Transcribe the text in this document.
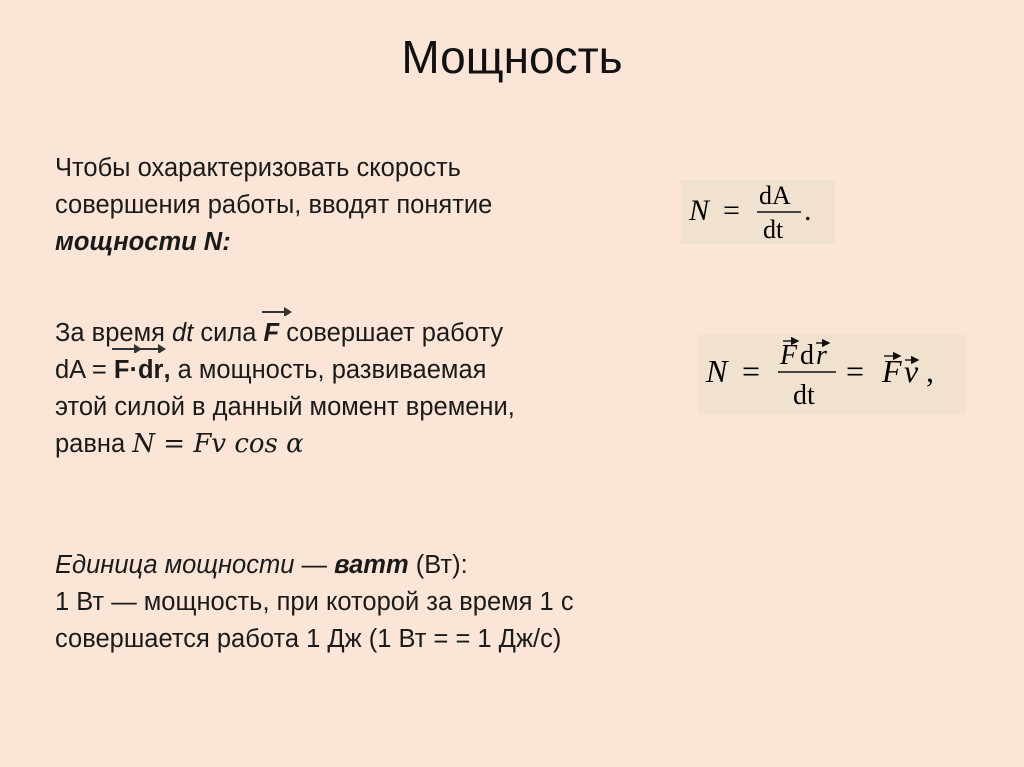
Мощность
Чтобы охарактеризовать скорость
совершения работы, вводят понятие
мощности N:
N = dA
dt
.
За время dt сила
F совершает работу
dA =
F·
dr, а мощность, развиваемая
этой силой в данный момент времени,
равна N = Fv cos α
N = F d r
dt
= F v ,
Единица мощности — ватт (Вт):
1 Вт — мощность, при которой за время 1 с
совершается работа 1 Дж (1 Вт = = 1 Дж/с)
